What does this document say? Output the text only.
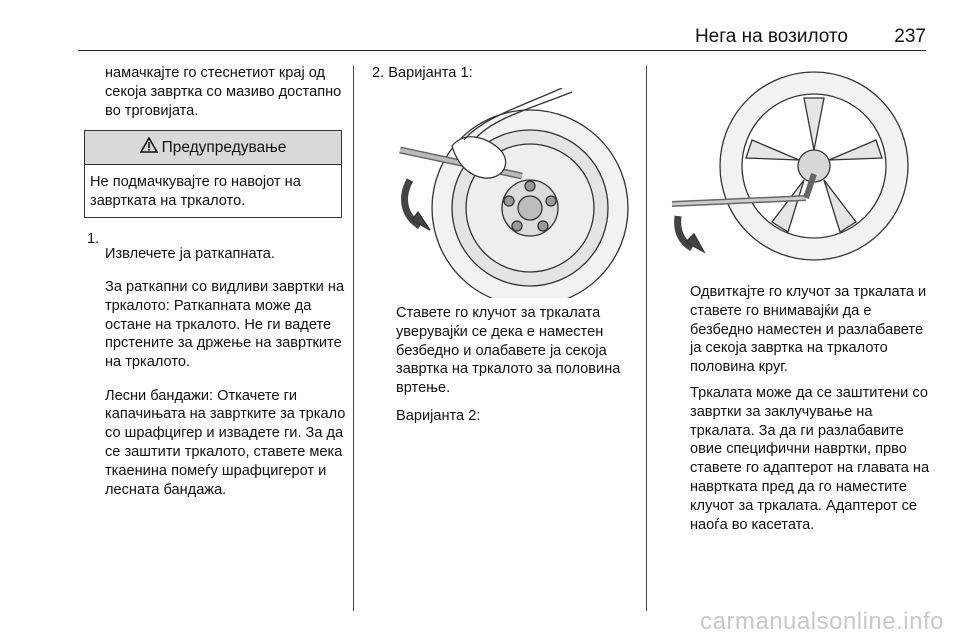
Нега на возилото 237

намачкајте го стеснетиот крај од секоја завртка со мазиво достапно во трговијата.

Предупредување
Не подмачкувајте го навојот на завртката на тркалото.
1.

Извлечете ја раткапната.

За раткапни со видливи завртки на тркалото: Раткапната може да остане на тркалото. Не ги вадете прстените за држење на завртките на тркалото.

Лесни бандажи: Откачете ги капачињата на завртките за тркало со шрафцигер и извадете ги. За да се заштити тркалото, ставете мека ткаенина помеѓу шрафцигерот и лесната бандажа.

2. Варијанта 1:

Ставете го клучот за тркалата уверувајќи се дека е наместен безбедно и олабавете ја секоја завртка на тркалото за половина вртење.

Варијанта 2:

Одвиткајте го клучот за тркалата и ставете го внимавајќи да е безбедно наместен и разлабавете ја секоја завртка на тркалото половина круг.

Тркалата може да се заштитени со завртки за заклучување на тркалата. За да ги разлабавите овие специфични навртки, прво ставете го адаптерот на главата на навртката пред да го наместите клучот за тркалата. Адаптерот се наоѓа во касетата.

carmanualsonline.info
